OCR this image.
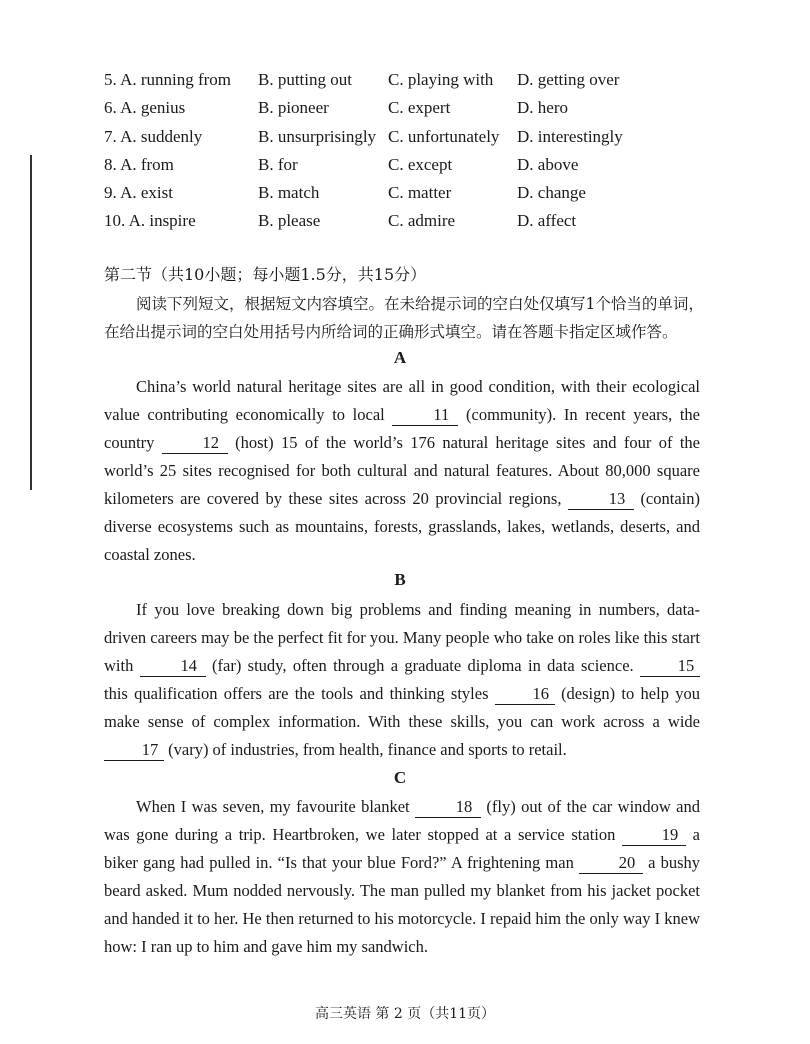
5. A. running from B. putting out C. playing with D. getting over
6. A. genius	B. pioneer	C. expert	D. hero
7. A. suddenly	B. unsurprisingly C. unfortunately D. interestingly
8. A. from	B. for	C. except	D. above
9. A. exist	B. match	C. matter	D. change
10. A. inspire	B. please	C. admire	D. affect
第二节（共10小题；每小题1.5分，共15分）

阅读下列短文，根据短文内容填空。在未给提示词的空白处仅填写1个恰当的单词，

在给出提示词的空白处用括号内所给词的正确形式填空。请在答题卡指定区域作答。

A

China’s world natural heritage sites are all in good condition, with their ecological value contributing economically to local 11 (community). In recent years, the country 12 (host) 15 of the world’s 176 natural heritage sites and four of the world’s 25 sites recognised for both cultural and natural features. About 80,000 square kilometers are covered by these sites across 20 provincial regions, 13 (contain) diverse ecosystems such as mountains, forests, grasslands, lakes, wetlands, deserts, and coastal zones.

B

If you love breaking down big problems and finding meaning in numbers, data-driven careers may be the perfect fit for you. Many people who take on roles like this start with 14 (far) study, often through a graduate diploma in data science. 15 this qualification offers are the tools and thinking styles 16 (design) to help you make sense of complex information. With these skills, you can work across a wide 17 (vary) of industries, from health, finance and sports to retail.

C

When I was seven, my favourite blanket 18 (fly) out of the car window and was gone during a trip. Heartbroken, we later stopped at a service station 19 a biker gang had pulled in. “Is that your blue Ford?” A frightening man 20 a bushy beard asked. Mum nodded nervously. The man pulled my blanket from his jacket pocket and handed it to her. He then returned to his motorcycle. I repaid him the only way I knew how: I ran up to him and gave him my sandwich.

高三英语 第 2 页（共11页）
